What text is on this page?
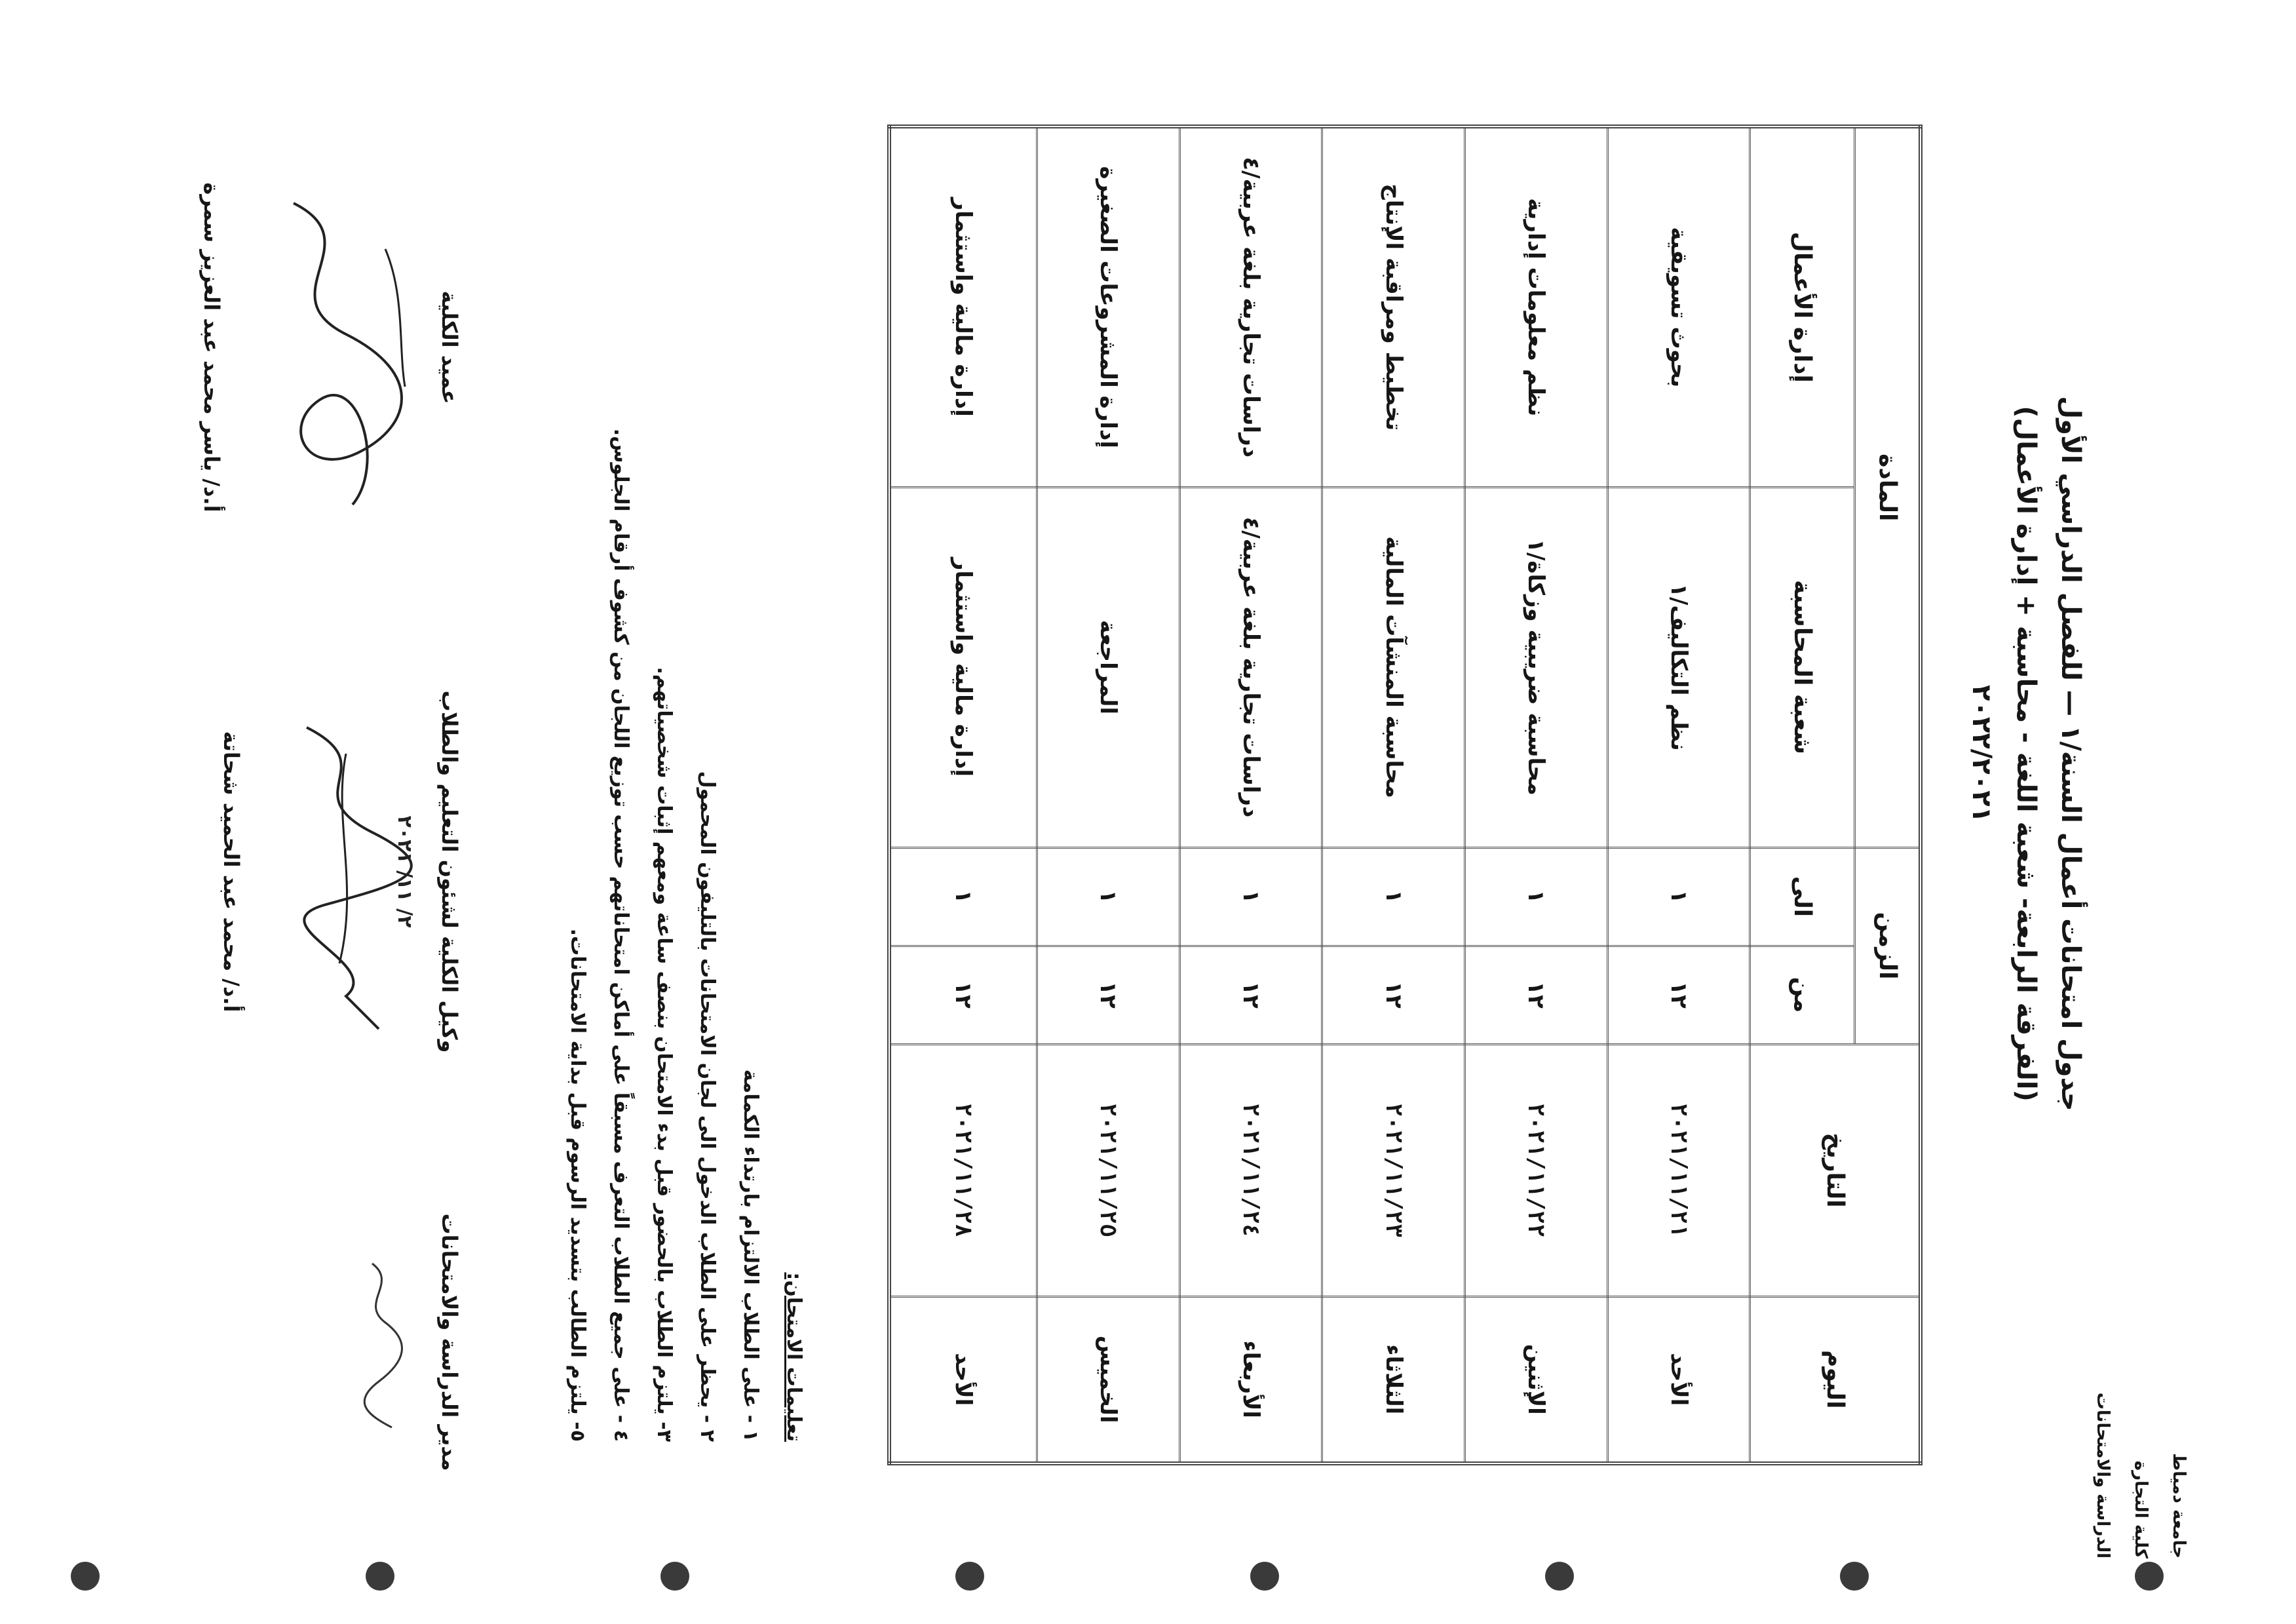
جامعة دمياط
كلية التجارة
الدراسة والامتحانات
جدول امتحانات أعمال السنة/١ — للفصل الدراسي الأول
(الفرقة الرابعة- شعبة اللغة - محاسبة + إدارة الأعمال)
٢٠٢٢/٢٠٢١
اليوم	التاريخ	الزمن		المادة	
		من	الى	شعبة المحاسبة	إدارة الأعمال
الأحد	٢٠٢١/١١/٢١	١٢	١	نظم التكاليف/١	بحوث تسويقية
الإثنين	٢٠٢١/١١/٢٢	١٢	١	محاسبة ضريبية وزكاة/١	نظم معلومات إدارية
الثلاثاء	٢٠٢١/١١/٢٣	١٢	١	محاسبة المنشآت المالية	تخطيط ومراقبة الإنتاج
الأربعاء	٢٠٢١/١١/٢٤	١٢	١	دراسات تجارية بلغة عربية/٤	دراسات تجارية بلغة عربية/٤
الخميس	٢٠٢١/١١/٢٥	١٢	١	المراجعة	إدارة المشروعات الصغيرة
الأحد	٢٠٢١/١١/٢٨	١٢	١	إدارة مالية واستثمار	إدارة مالية واستثمار
تعليمات الامتحان:
١ - على الطلاب الالتزام بارتداء الكمامة
٢ - يحظر على الطلاب الدخول الى لجان الامتحانات بالتليفون المحمول
٣- يلتزم الطلاب بالحضور قبل بدء الامتحان بنصف ساعة ومعهم إثبات شخصياتهم.
٤ - على جميع الطلاب التعرف مسبقاً على أماكن امتحاناتهم حسب توزيع اللجان من كشوف أرقام الجلوس.
٥- يلتزم الطالب بتسديد الرسوم قبل بداية الامتحانات.
مدير الدراسة والامتحانات
وكيل الكلية لشئون التعليم والطلاب
٢/ ١١/ ٢٠٢١
أ.د/ محمد عبد الحميد شحاتة
عميد الكلية
أ.د/ ياسر محمد عبد العزيز سمرة
